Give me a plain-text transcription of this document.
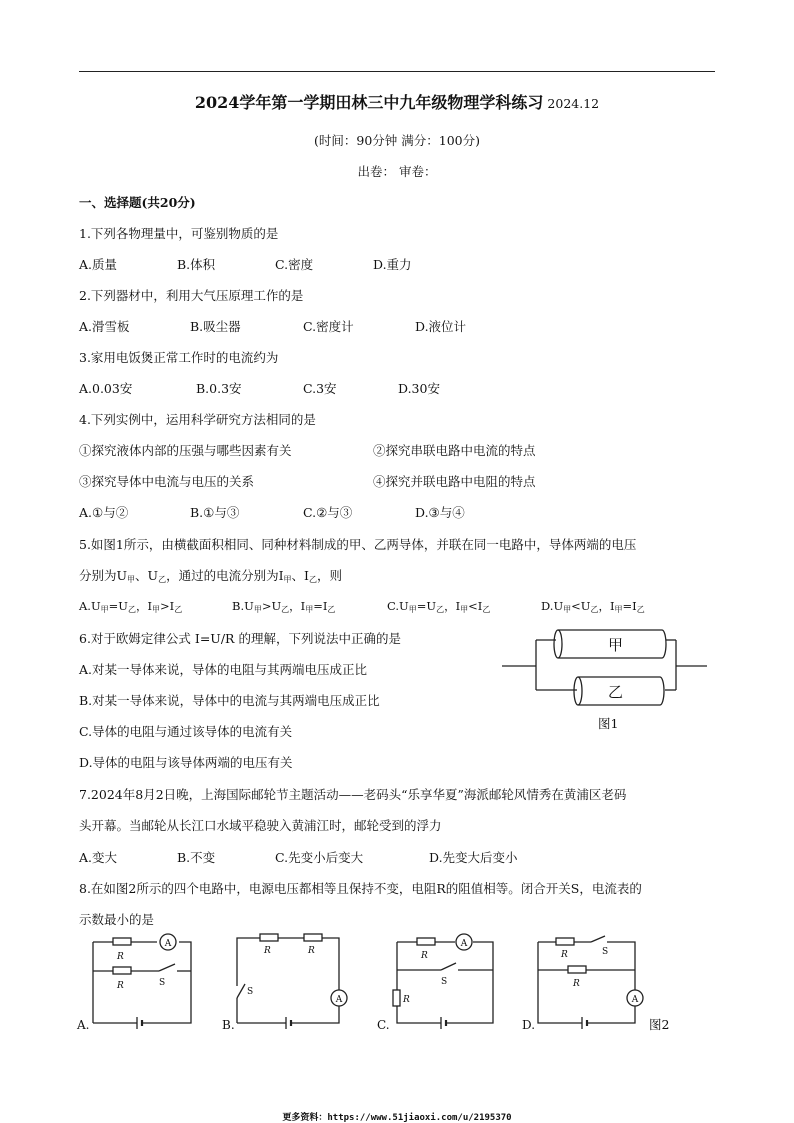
2024学年第一学期田林三中九年级物理学科练习 2024.12
(时间：90分钟 满分：100分)
出卷： 审卷：
一、选择题(共20分)
1.下列各物理量中，可鉴别物质的是
A.质量	B.体积	C.密度	D.重力
2.下列器材中，利用大气压原理工作的是
A.滑雪板	B.吸尘器	C.密度计	D.液位计
3.家用电饭煲正常工作时的电流约为
A.0.03安	B.0.3安	C.3安	D.30安
4.下列实例中，运用科学研究方法相同的是
①探究液体内部的压强与哪些因素有关	②探究串联电路中电流的特点
③探究导体中电流与电压的关系	④探究并联电路中电阻的特点
A.①与②	B.①与③	C.②与③	D.③与④
5.如图1所示，由横截面积相同、同种材料制成的甲、乙两导体，并联在同一电路中，导体两端的电压
分别为U甲、U乙，通过的电流分别为I甲、I乙，则
A.U甲=U乙，I甲>I乙	B.U甲>U乙，I甲=I乙	C.U甲=U乙，I甲<I乙	D.U甲<U乙，I甲=I乙
6.对于欧姆定律公式 I=U/R 的理解，下列说法中正确的是
A.对某一导体来说，导体的电阻与其两端电压成正比
B.对某一导体来说，导体中的电流与其两端电压成正比
C.导体的电阻与通过该导体的电流有关
D.导体的电阻与该导体两端的电压有关
甲
乙
图1
7.2024年8月2日晚，上海国际邮轮节主题活动——老码头“乐享华夏”海派邮轮风情秀在黄浦区老码
头开幕。当邮轮从长江口水域平稳驶入黄浦江时，邮轮受到的浮力
A.变大	B.不变	C.先变小后变大	D.先变大后变小
8.在如图2所示的四个电路中，电源电压都相等且保持不变，电阻R的阻值相等。闭合开关S，电流表的
示数最小的是
A
R
R	S
A.
A
R	R
S
B.
A
R
R
S
C.
A
R
R
S
D.	图2
更多资料：https://www.51jiaoxi.com/u/2195370
